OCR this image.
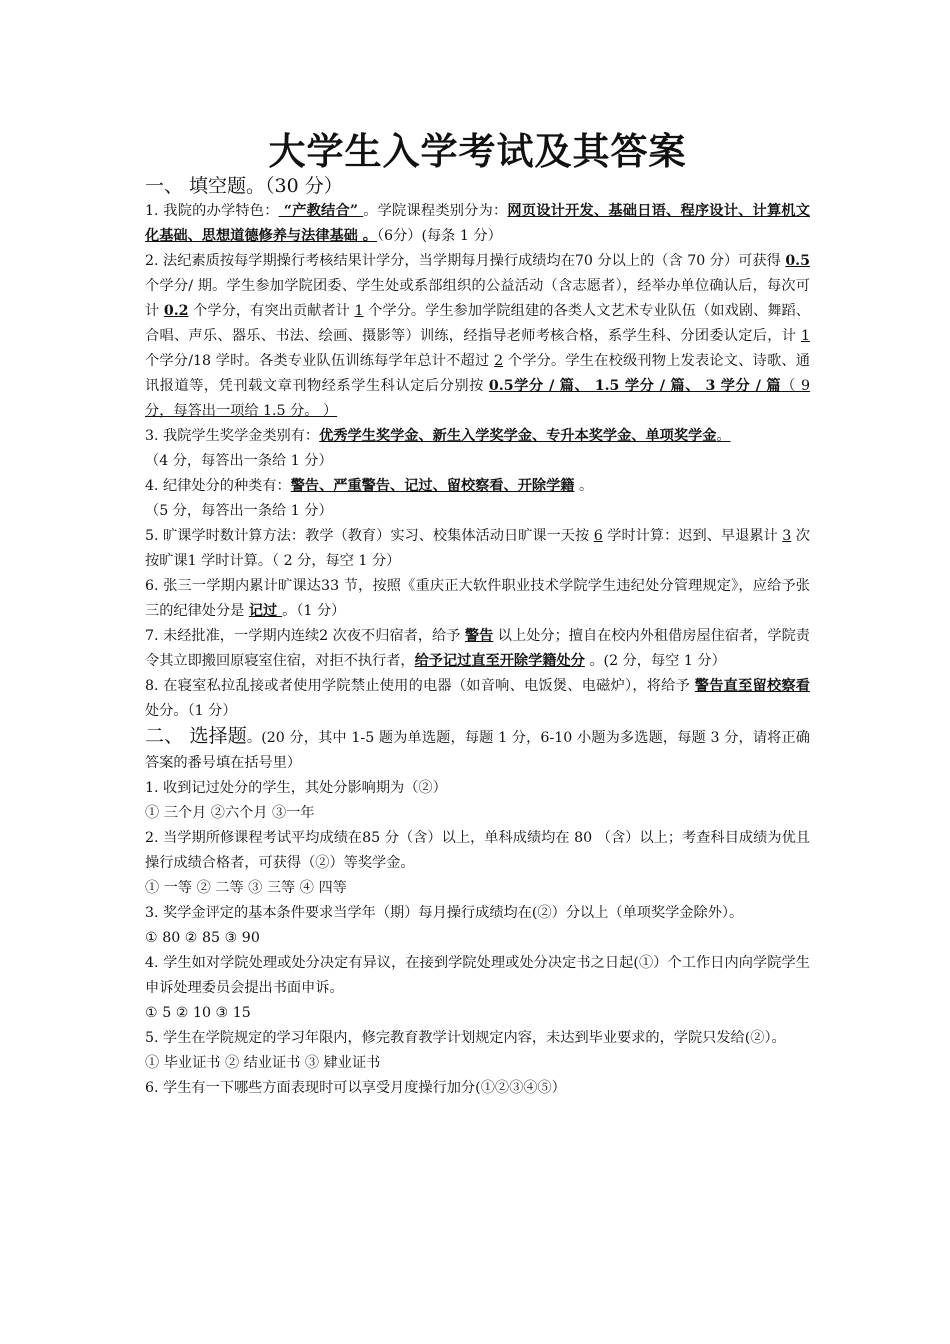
大学生入学考试及其答案
一、 填空题。（30 分）

1. 我院的办学特色： “产教结合” 。学院课程类别分为：网页设计开发、基础日语、程序设计、计算机文化基础、思想道德修养与法律基础 。（6分）(每条 1 分）

2. 法纪素质按每学期操行考核结果计学分，当学期每月操行成绩均在70 分以上的（含 70 分）可获得 0.5 个学分/ 期。学生参加学院团委、学生处或系部组织的公益活动（含志愿者），经举办单位确认后，每次可计 0.2 个学分，有突出贡献者计 1 个学分。学生参加学院组建的各类人文艺术专业队伍（如戏剧、舞蹈、合唱、声乐、器乐、书法、绘画、摄影等）训练，经指导老师考核合格，系学生科、分团委认定后，计 1个学分/18 学时。各类专业队伍训练每学年总计不超过 2 个学分。学生在校级刊物上发表论文、诗歌、通讯报道等，凭刊载文章刊物经系学生科认定后分别按 0.5学分 / 篇、 1.5 学分 / 篇、 3 学分 / 篇（ 9分，每答出一项给 1.5 分。 ）

3. 我院学生奖学金类别有：优秀学生奖学金、新生入学奖学金、专升本奖学金、单项奖学金。

（4 分，每答出一条给 1 分）

4. 纪律处分的种类有：警告、严重警告、记过、留校察看、开除学籍 。

（5 分，每答出一条给 1 分）

5. 旷课学时数计算方法：教学（教育）实习、校集体活动日旷课一天按 6 学时计算：迟到、早退累计 3 次按旷课1 学时计算。（ 2 分，每空 1 分）

6. 张三一学期内累计旷课达33 节，按照《重庆正大软件职业技术学院学生违纪处分管理规定》，应给予张三的纪律处分是 记过 。（1 分）

7. 未经批准，一学期内连续2 次夜不归宿者，给予 警告 以上处分；擅自在校内外租借房屋住宿者，学院责令其立即搬回原寝室住宿，对拒不执行者，给予记过直至开除学籍处分 。(2 分，每空 1 分）

8. 在寝室私拉乱接或者使用学院禁止使用的电器（如音响、电饭煲、电磁炉），将给予 警告直至留校察看 处分。（1 分）

二、 选择题。(20 分，其中 1-5 题为单选题，每题 1 分，6-10 小题为多选题，每题 3 分，请将正确答案的番号填在括号里）

1. 收到记过处分的学生，其处分影响期为（②）

① 三个月 ②六个月 ③一年

2. 当学期所修课程考试平均成绩在85 分（含）以上，单科成绩均在 80 （含）以上；考查科目成绩为优且操行成绩合格者，可获得（②）等奖学金。

① 一等 ② 二等 ③ 三等 ④ 四等

3. 奖学金评定的基本条件要求当学年（期）每月操行成绩均在(②）分以上（单项奖学金除外）。

① 80 ② 85 ③ 90

4. 学生如对学院处理或处分决定有异议，在接到学院处理或处分决定书之日起(①）个工作日内向学院学生申诉处理委员会提出书面申诉。

① 5 ② 10 ③ 15

5. 学生在学院规定的学习年限内，修完教育教学计划规定内容，未达到毕业要求的，学院只发给(②）。

① 毕业证书 ② 结业证书 ③ 肄业证书

6. 学生有一下哪些方面表现时可以享受月度操行加分(①②③④⑤）
